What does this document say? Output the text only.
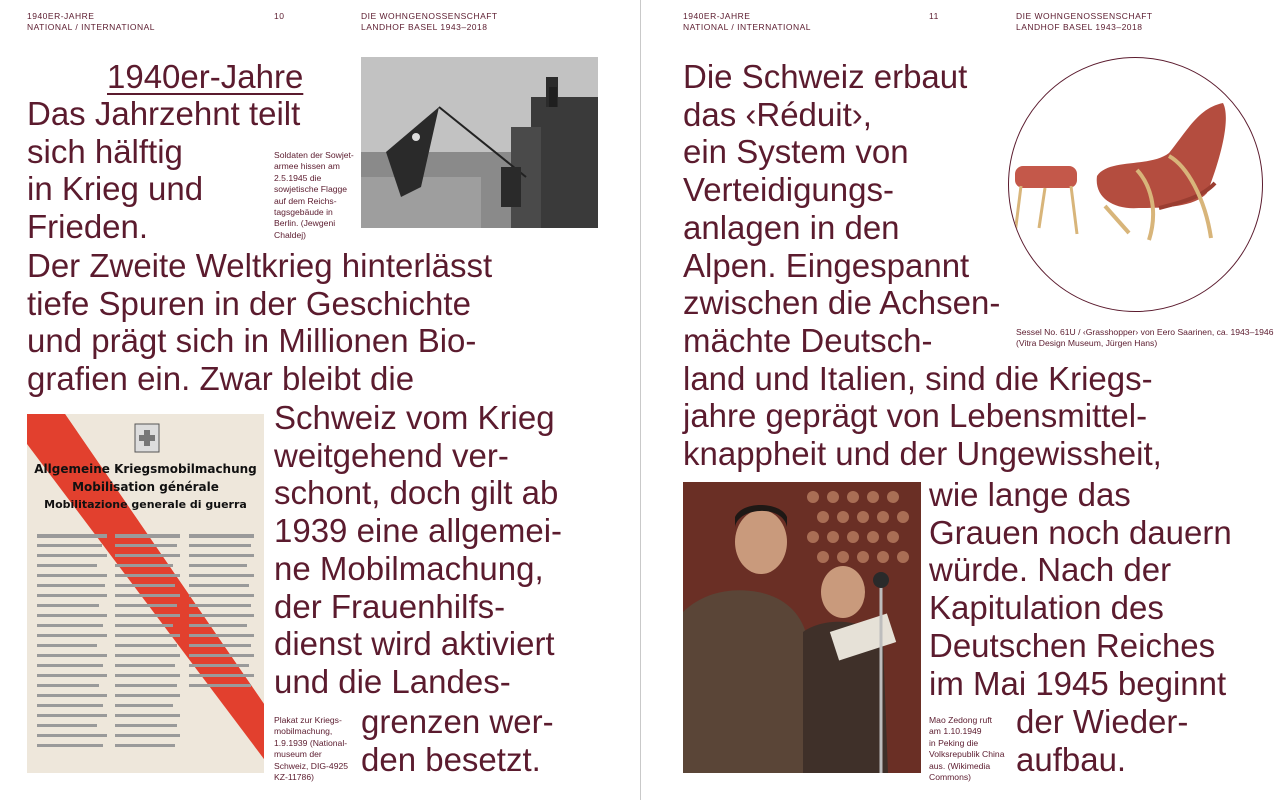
1940ER-JAHRE
NATIONAL / INTERNATIONAL
10	DIE WOHNGENOSSENSCHAFT
LANDHOF BASEL 1943–2018
1940er-Jahre
Das Jahrzehnt teilt
sich hälftig
in Krieg und
Frieden.
Der Zweite Weltkrieg hinterlässt
tiefe Spuren in der Geschichte
und prägt sich in Millionen Bio-
grafien ein. Zwar bleibt die
Schweiz vom Krieg
weitgehend ver-
schont, doch gilt ab
1939 eine allgemei-
ne Mobilmachung,
der Frauenhilfs-
dienst wird aktiviert
und die Landes-
grenzen wer-
den besetzt.
Soldaten der Sowjet-
armee hissen am
2.5.1945 die
sowjetische Flagge
auf dem Reichs-
tagsgebäude in
Berlin. (Jewgeni
Chaldej)
Allgemeine Kriegsmobilmachung
Mobilisation générale
Mobilitazione generale di guerra
Plakat zur Kriegs-
mobilmachung,
1.9.1939 (National-
museum der
Schweiz, DIG-4925
KZ-11786)
1940ER-JAHRE
NATIONAL / INTERNATIONAL
11	DIE WOHNGENOSSENSCHAFT
LANDHOF BASEL 1943–2018
Die Schweiz erbaut
das ‹Réduit›,
ein System von
Verteidigungs-
anlagen in den
Alpen. Eingespannt
zwischen die Achsen-
mächte Deutsch-
land und Italien, sind die Kriegs-
jahre geprägt von Lebensmittel-
knappheit und der Ungewissheit,
wie lange das
Grauen noch dauern
würde. Nach der
Kapitulation des
Deutschen Reiches
im Mai 1945 beginnt
der Wieder-
aufbau.
Sessel No. 61U / ‹Grasshopper› von Eero Saarinen, ca. 1943–1946
(Vitra Design Museum, Jürgen Hans)
Mao Zedong ruft
am 1.10.1949
in Peking die
Volksrepublik China
aus. (Wikimedia
Commons)
